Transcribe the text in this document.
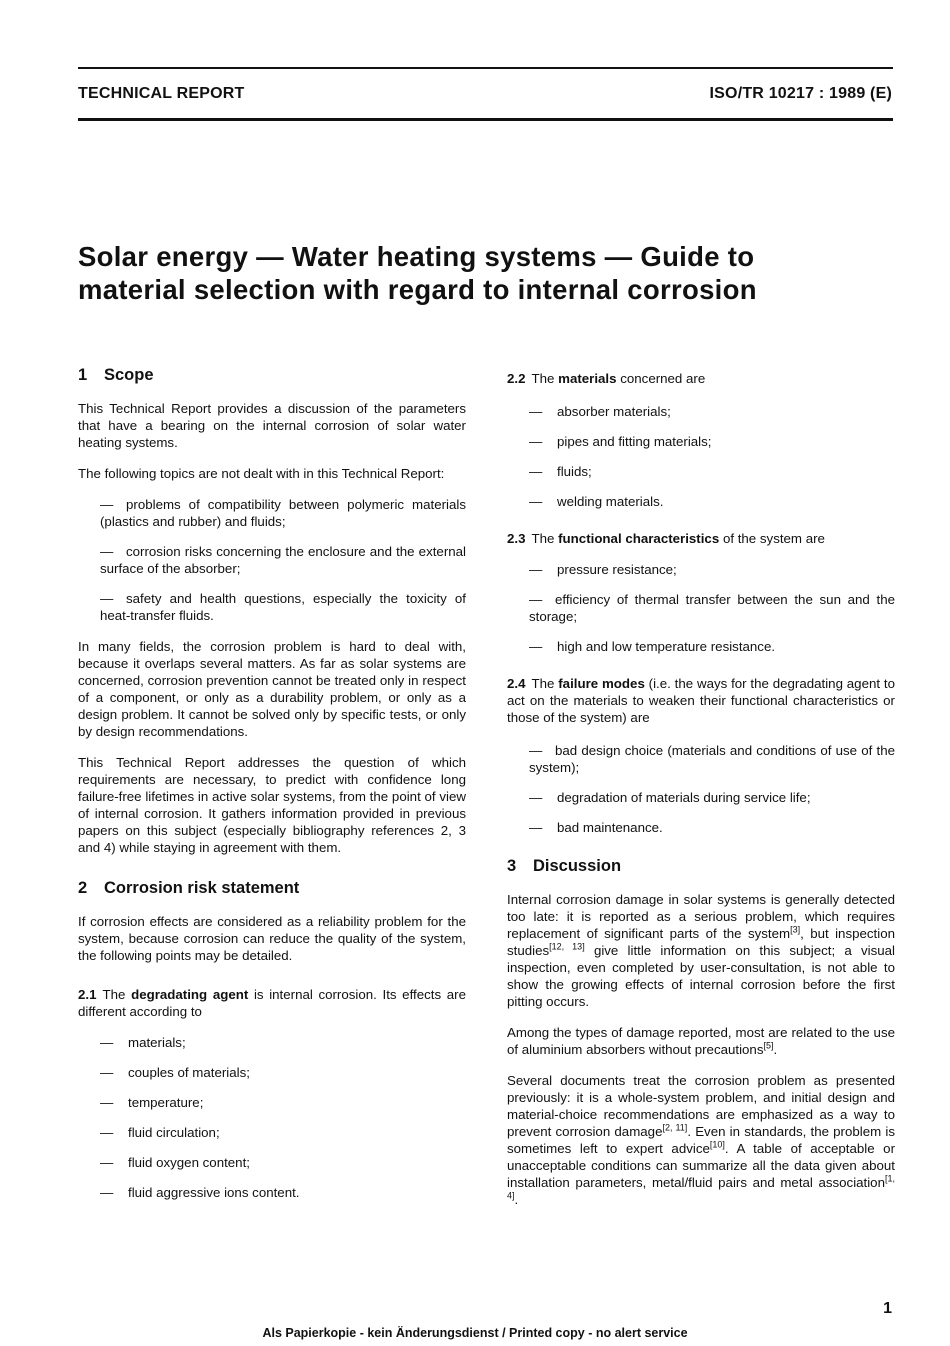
TECHNICAL REPORT	ISO/TR 10217 : 1989 (E)
Solar energy — Water heating systems — Guide to
material selection with regard to internal corrosion
1 Scope

This Technical Report provides a discussion of the parameters that have a bearing on the internal corrosion of solar water heating systems.

The following topics are not dealt with in this Technical Report:

— problems of compatibility between polymeric materials (plastics and rubber) and fluids;
— corrosion risks concerning the enclosure and the external surface of the absorber;
— safety and health questions, especially the toxicity of heat-transfer fluids.

In many fields, the corrosion problem is hard to deal with, because it overlaps several matters. As far as solar systems are concerned, corrosion prevention cannot be treated only in respect of a component, or only as a durability problem, or only as a design problem. It cannot be solved only by specific tests, or only by design recommendations.

This Technical Report addresses the question of which requirements are necessary, to predict with confidence long failure-free lifetimes in active solar systems, from the point of view of internal corrosion. It gathers information provided in previous papers on this subject (especially bibliography references 2, 3 and 4) while staying in agreement with them.

2 Corrosion risk statement

If corrosion effects are considered as a reliability problem for the system, because corrosion can reduce the quality of the system, the following points may be detailed.

2.1 The degradating agent is internal corrosion. Its effects are different according to

— materials;
— couples of materials;
— temperature;
— fluid circulation;
— fluid oxygen content;
— fluid aggressive ions content.

2.2 The materials concerned are

— absorber materials;
— pipes and fitting materials;
— fluids;
— welding materials.

2.3 The functional characteristics of the system are

— pressure resistance;
— efficiency of thermal transfer between the sun and the storage;
— high and low temperature resistance.

2.4 The failure modes (i.e. the ways for the degradating agent to act on the materials to weaken their functional characteristics or those of the system) are

— bad design choice (materials and conditions of use of the system);
— degradation of materials during service life;
— bad maintenance.
3 Discussion

Internal corrosion damage in solar systems is generally detected too late: it is reported as a serious problem, which requires replacement of significant parts of the system[3], but inspection studies[12, 13] give little information on this subject; a visual inspection, even completed by user-consultation, is not able to show the growing effects of internal corrosion before the first pitting occurs.

Among the types of damage reported, most are related to the use of aluminium absorbers without precautions[5].

Several documents treat the corrosion problem as presented previously: it is a whole-system problem, and initial design and material-choice recommendations are emphasized as a way to prevent corrosion damage[2, 11]. Even in standards, the problem is sometimes left to expert advice[10]. A table of acceptable or unacceptable conditions can summarize all the data given about installation parameters, metal/fluid pairs and metal association[1, 4].

1
Als Papierkopie - kein Änderungsdienst / Printed copy - no alert service
